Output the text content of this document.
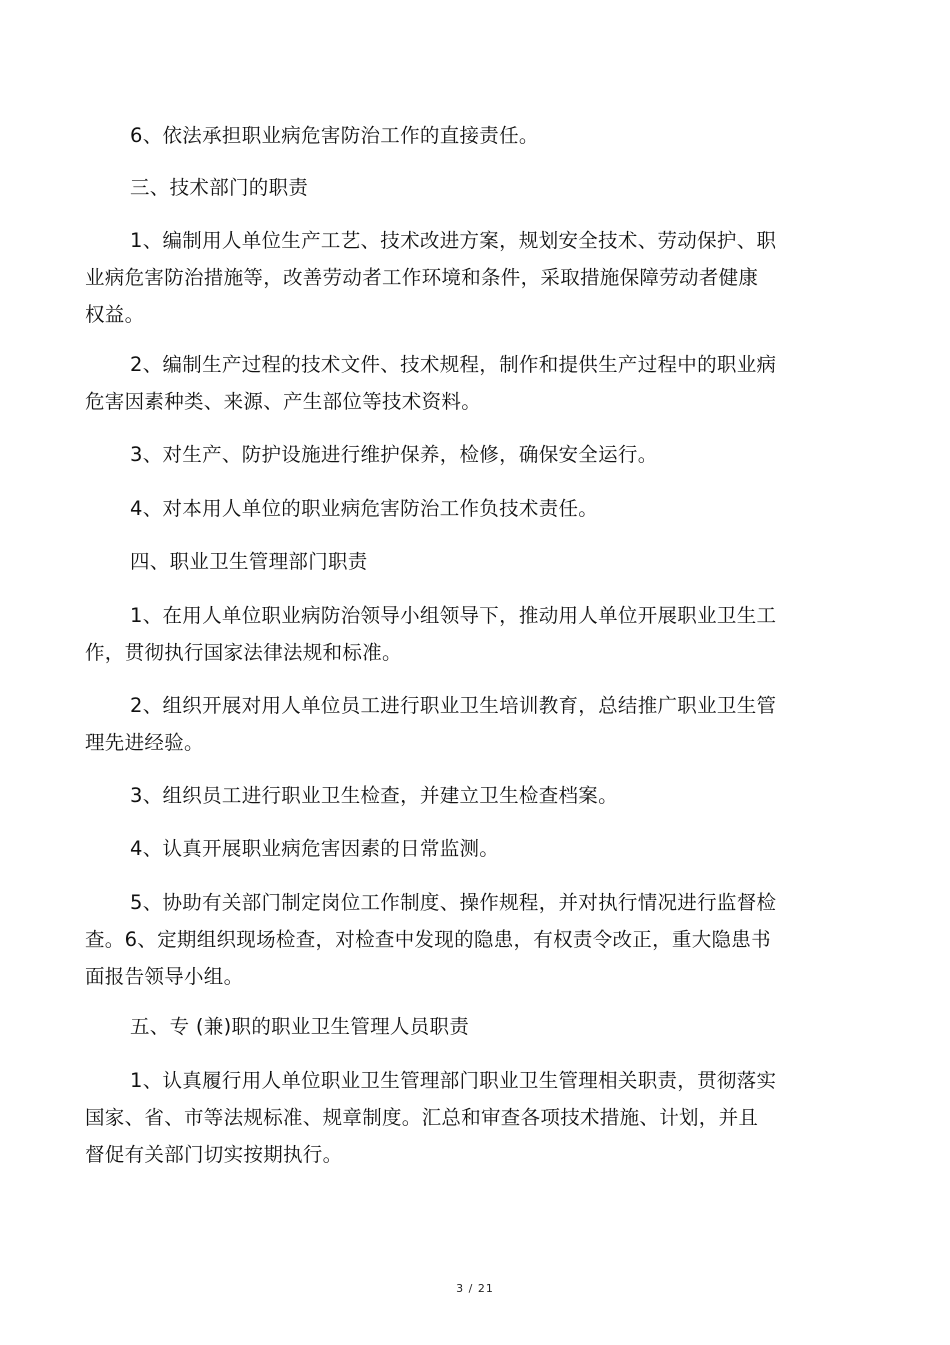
6、依法承担职业病危害防治工作的直接责任。
三、技术部门的职责
1、编制用人单位生产工艺、技术改进方案，规划安全技术、劳动保护、职
业病危害防治措施等，改善劳动者工作环境和条件，采取措施保障劳动者健康
权益。
2、编制生产过程的技术文件、技术规程，制作和提供生产过程中的职业病
危害因素种类、来源、产生部位等技术资料。
3、对生产、防护设施进行维护保养，检修，确保安全运行。
4、对本用人单位的职业病危害防治工作负技术责任。
四、职业卫生管理部门职责
1、在用人单位职业病防治领导小组领导下，推动用人单位开展职业卫生工
作，贯彻执行国家法律法规和标准。
2、组织开展对用人单位员工进行职业卫生培训教育，总结推广职业卫生管
理先进经验。
3、组织员工进行职业卫生检查，并建立卫生检查档案。
4、认真开展职业病危害因素的日常监测。
5、协助有关部门制定岗位工作制度、操作规程，并对执行情况进行监督检
查。6、定期组织现场检查，对检查中发现的隐患，有权责令改正，重大隐患书
面报告领导小组。
五、专 (兼)职的职业卫生管理人员职责
1、认真履行用人单位职业卫生管理部门职业卫生管理相关职责，贯彻落实
国家、省、市等法规标准、规章制度。汇总和审查各项技术措施、计划，并且
督促有关部门切实按期执行。
3 / 21
